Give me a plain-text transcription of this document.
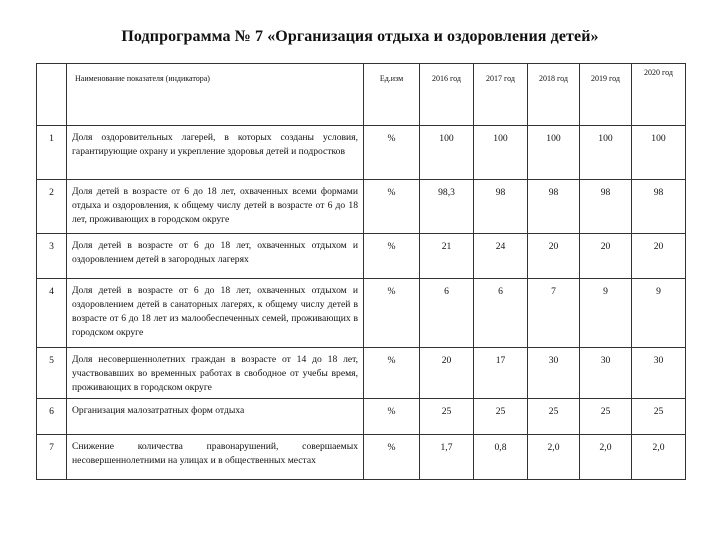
Подпрограмма № 7 «Организация отдыха и оздоровления детей»
	Наименование показателя (индикатора)	Ед.изм	2016 год	2017 год	2018 год	2019 год	2020 год
1	Доля оздоровительных лагерей, в которых созданы условия, гарантирующие охрану и укрепление здоровья детей и подростков	%	100	100	100	100	100
2	Доля детей в возрасте от 6 до 18 лет, охваченных всеми формами отдыха и оздоровления, к общему числу детей в возрасте от 6 до 18 лет, проживающих в городском округе	%	98,3	98	98	98	98
3	Доля детей в возрасте от 6 до 18 лет, охваченных отдыхом и оздоровлением детей в загородных лагерях	%	21	24	20	20	20
4	Доля детей в возрасте от 6 до 18 лет, охваченных отдыхом и оздоровлением детей в санаторных лагерях, к общему числу детей в возрасте от 6 до 18 лет из малообеспеченных семей, проживающих в городском округе	%	6	6	7	9	9
5	Доля несовершеннолетних граждан в возрасте от 14 до 18 лет, участвовавших во временных работах в свободное от учебы время, проживающих в городском округе	%	20	17	30	30	30
6	Организация малозатратных форм отдыха	%	25	25	25	25	25
7	Снижение количества правонарушений, совершаемых несовершеннолетними на улицах и в общественных местах	%	1,7	0,8	2,0	2,0	2,0
